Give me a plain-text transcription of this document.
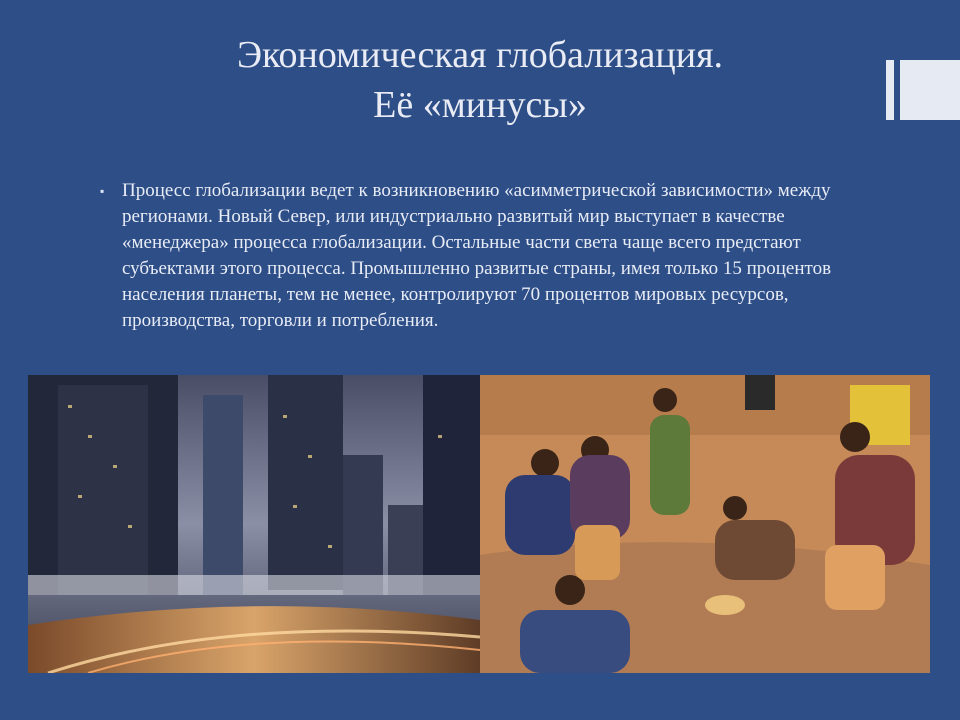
Экономическая глобализация.
Её «минусы»
▪ Процесс глобализации ведет к возникновению «асимметрической зависимости» между регионами. Новый Север, или индустриально развитый мир выступает в качестве «менеджера» процесса глобализации. Остальные части света чаще всего предстают субъектами этого процесса. Промышленно развитые страны, имея только 15 процентов населения планеты, тем не менее, контролируют 70 процентов мировых ресурсов, производства, торговли и потребления.
